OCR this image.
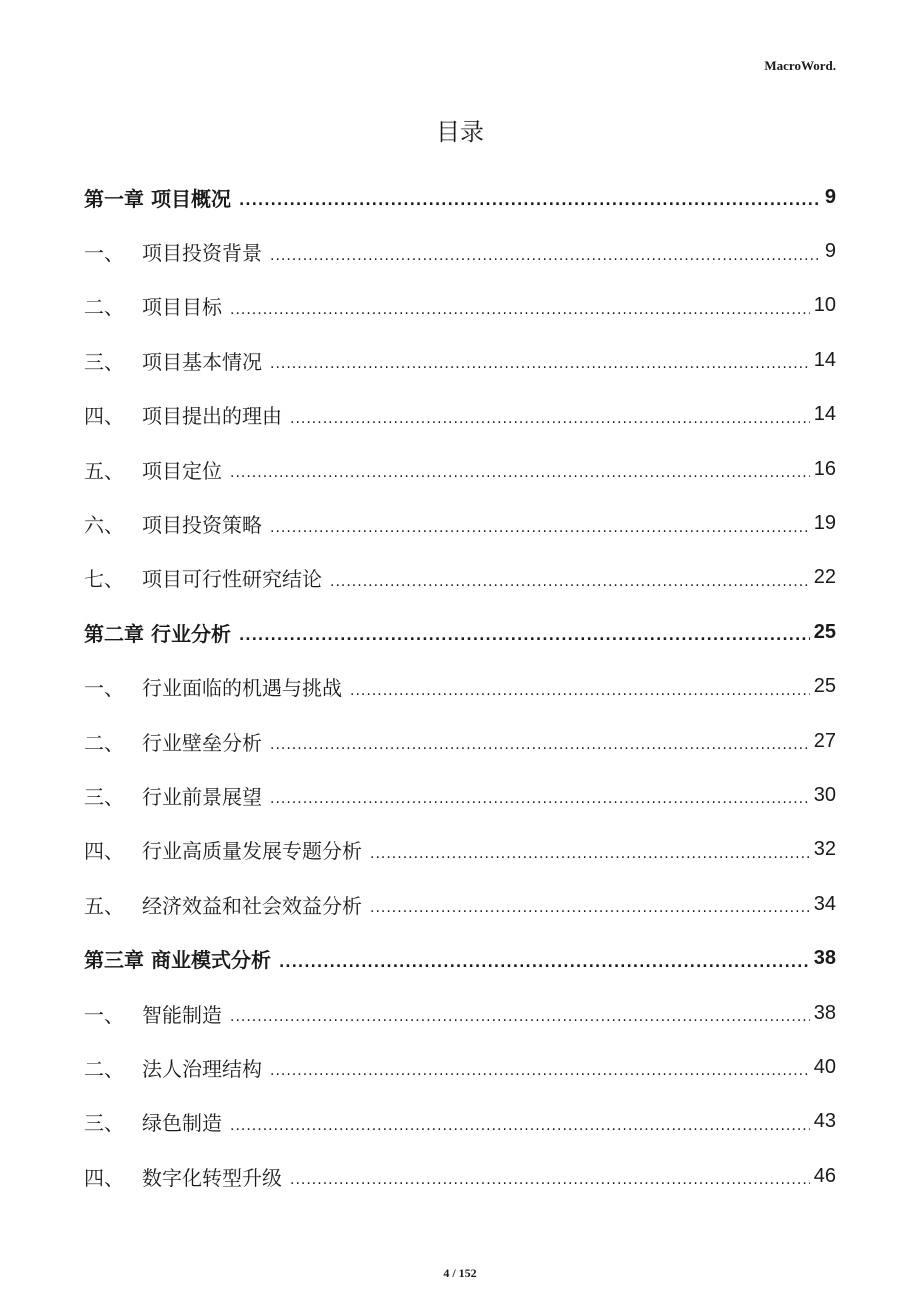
MacroWord.
目录
第一章 项目概况 .....	9
一、 项目投资背景 .....	9
二、 项目目标 .....	10
三、 项目基本情况 .....	14
四、 项目提出的理由 .....	14
五、 项目定位 .....	16
六、 项目投资策略 .....	19
七、 项目可行性研究结论 .....	22
第二章 行业分析 .....	25
一、 行业面临的机遇与挑战 .....	25
二、 行业壁垒分析 .....	27
三、 行业前景展望 .....	30
四、 行业高质量发展专题分析 .....	32
五、 经济效益和社会效益分析 .....	34
第三章 商业模式分析 .....	38
一、 智能制造 .....	38
二、 法人治理结构 .....	40
三、 绿色制造 .....	43
四、 数字化转型升级 .....	46
4 / 152
